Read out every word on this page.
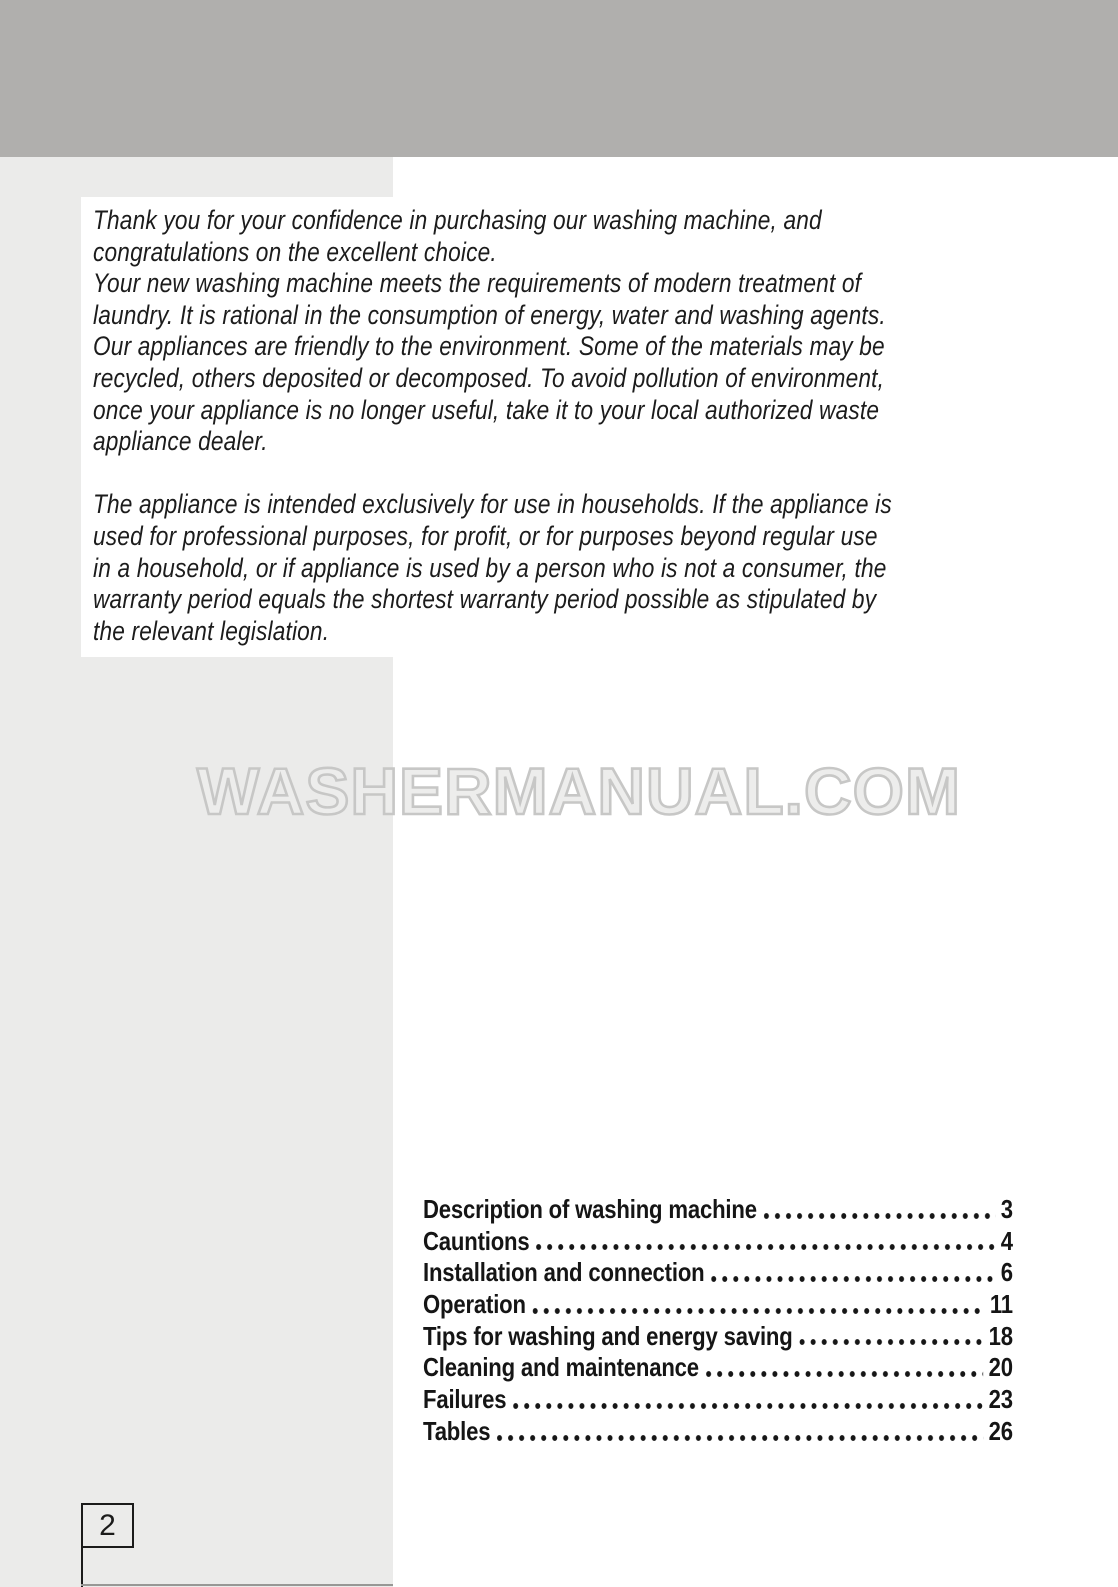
Thank you for your confidence in purchasing our washing machine, and
congratulations on the excellent choice.
Your new washing machine meets the requirements of modern treatment of
laundry. It is rational in the consumption of energy, water and washing agents.
Our appliances are friendly to the environment. Some of the materials may be
recycled, others deposited or decomposed. To avoid pollution of environment,
once your appliance is no longer useful, take it to your local authorized waste
appliance dealer.
The appliance is intended exclusively for use in households. If the appliance is
used for professional purposes, for profit, or for purposes beyond regular use
in a household, or if appliance is used by a person who is not a consumer, the
warranty period equals the shortest warranty period possible as stipulated by
the relevant legislation.
WASHERMANUAL.COM
Description of washing machine	3
Cauntions	4
Installation and connection	6
Operation	11
Tips for washing and energy saving	18
Cleaning and maintenance	20
Failures	23
Tables	26
2
